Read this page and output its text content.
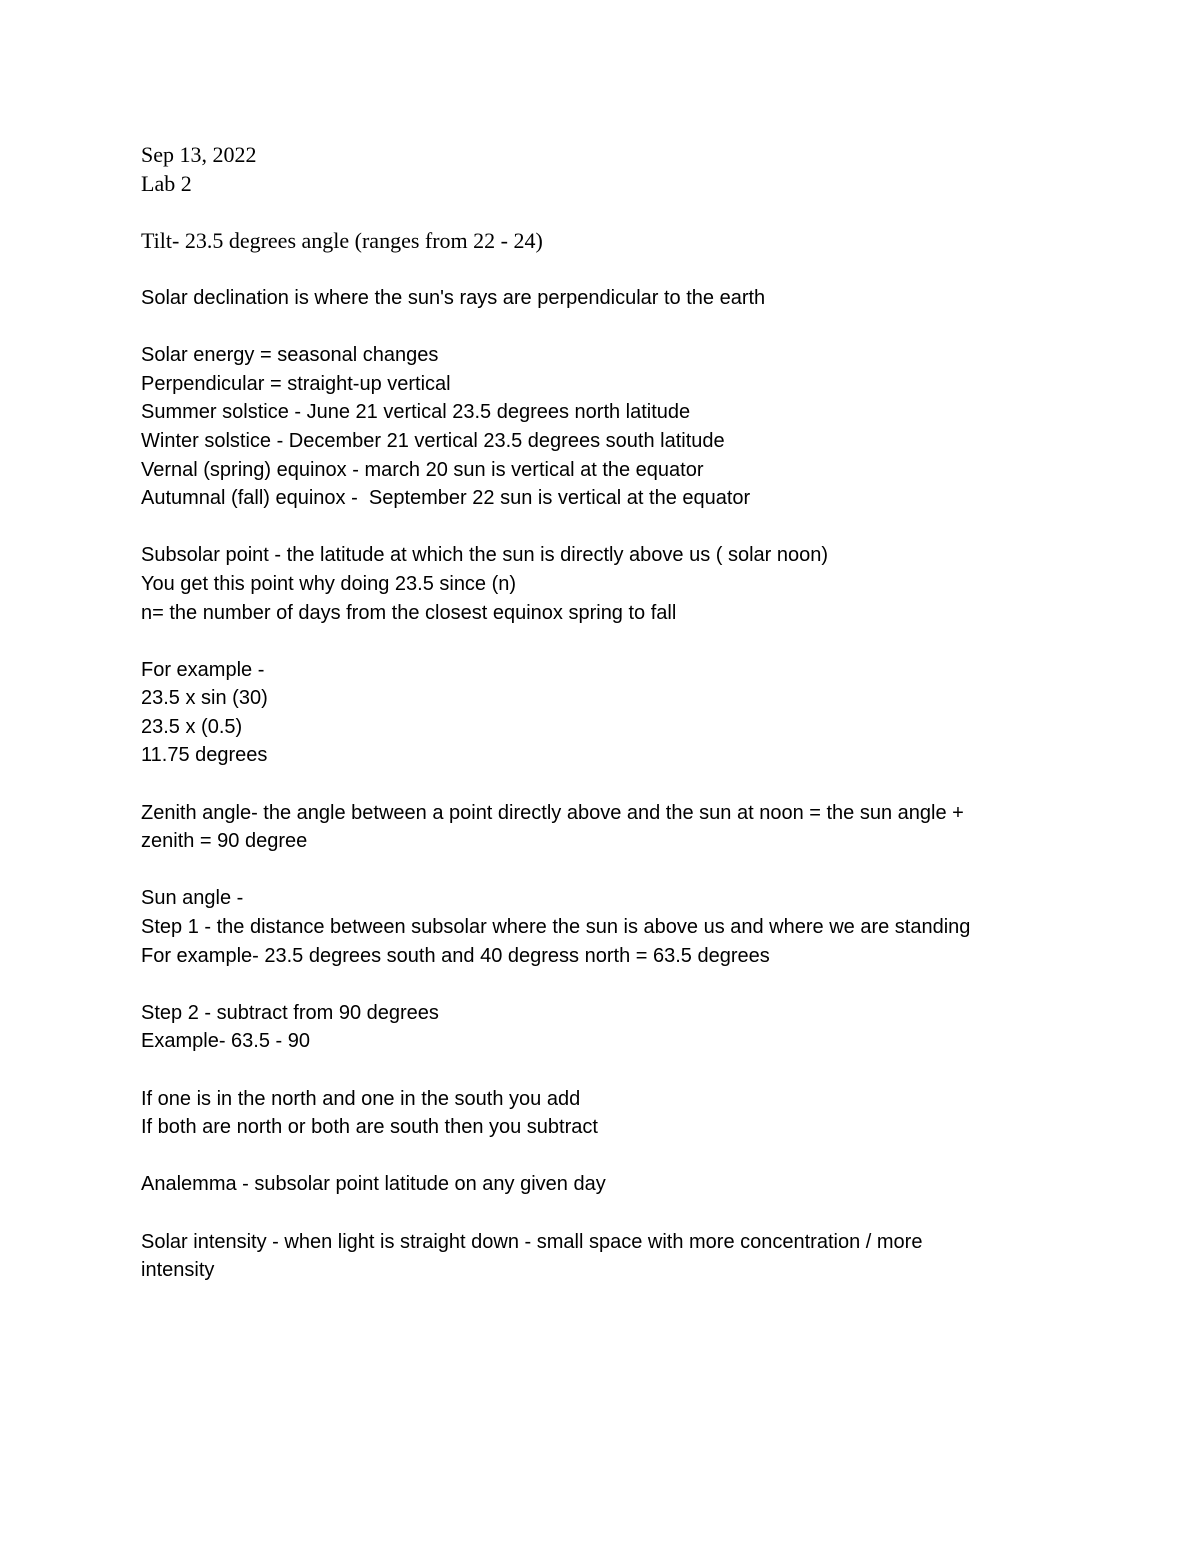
Sep 13, 2022
Lab 2
Tilt- 23.5 degrees angle (ranges from 22 - 24)
Solar declination is where the sun's rays are perpendicular to the earth
Solar energy = seasonal changes
Perpendicular = straight-up vertical
Summer solstice - June 21 vertical 23.5 degrees north latitude
Winter solstice - December 21 vertical 23.5 degrees south latitude
Vernal (spring) equinox - march 20 sun is vertical at the equator
Autumnal (fall) equinox -  September 22 sun is vertical at the equator
Subsolar point - the latitude at which the sun is directly above us ( solar noon)
You get this point why doing 23.5 since (n)
n= the number of days from the closest equinox spring to fall
For example -
23.5 x sin (30)
23.5 x (0.5)
11.75 degrees
Zenith angle- the angle between a point directly above and the sun at noon = the sun angle +
zenith = 90 degree
Sun angle -
Step 1 - the distance between subsolar where the sun is above us and where we are standing
For example- 23.5 degrees south and 40 degress north = 63.5 degrees
Step 2 - subtract from 90 degrees
Example- 63.5 - 90
If one is in the north and one in the south you add
If both are north or both are south then you subtract
Analemma - subsolar point latitude on any given day
Solar intensity - when light is straight down - small space with more concentration / more
intensity
